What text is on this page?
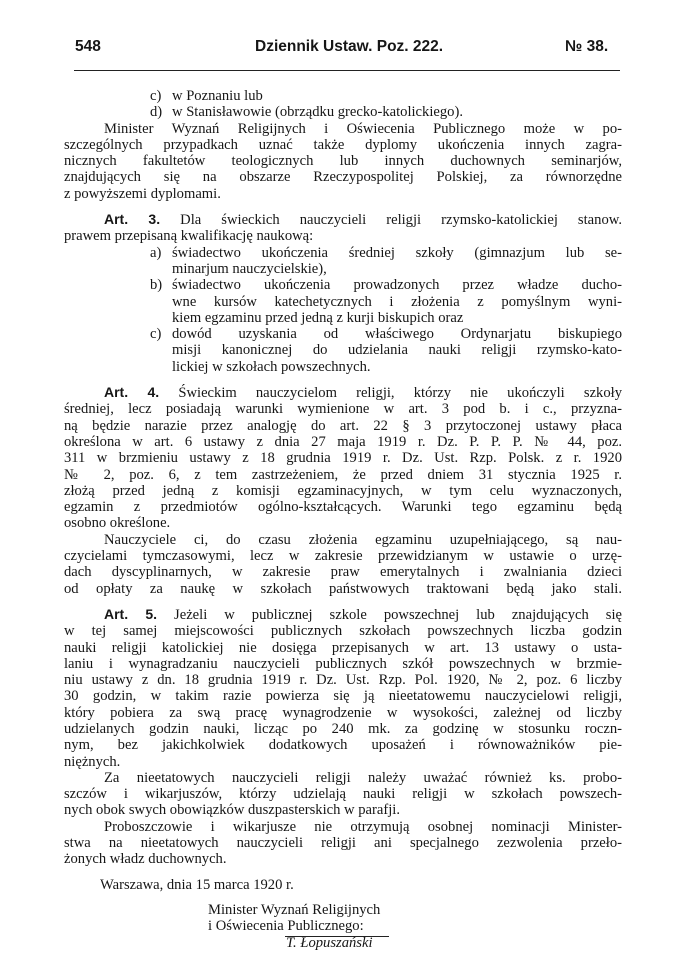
548	Dziennik Ustaw. Poz. 222.	№ 38.
c) w Poznaniu lub
d) w Stanisławowie (obrządku grecko-katolickiego).
Minister Wyznań Religijnych i Oświecenia Publicznego może w po-
szczególnych przypadkach uznać także dyplomy ukończenia innych zagra-
nicznych fakultetów teologicznych lub innych duchownych seminarjów,
znajdujących się na obszarze Rzeczypospolitej Polskiej, za równorzędne
z powyższemi dyplomami.
Art. 3. Dla świeckich nauczycieli religji rzymsko-katolickiej stanow.
prawem przepisaną kwalifikację naukową:
a) świadectwo ukończenia średniej szkoły (gimnazjum lub se-
minarjum nauczycielskie),
b) świadectwo ukończenia prowadzonych przez władze ducho-
wne kursów katechetycznych i złożenia z pomyślnym wyni-
kiem egzaminu przed jedną z kurji biskupich oraz
c) dowód uzyskania od właściwego Ordynarjatu biskupiego
misji kanonicznej do udzielania nauki religji rzymsko-kato-
lickiej w szkołach powszechnych.
Art. 4. Świeckim nauczycielom religji, którzy nie ukończyli szkoły
średniej, lecz posiadają warunki wymienione w art. 3 pod b. i c., przyzna-
ną będzie narazie przez analogję do art. 22 § 3 przytoczonej ustawy płaca
określona w art. 6 ustawy z dnia 27 maja 1919 r. Dz. P. P. P. № 44, poz.
311 w brzmieniu ustawy z 18 grudnia 1919 r. Dz. Ust. Rzp. Polsk. z r. 1920
№ 2, poz. 6, z tem zastrzeżeniem, że przed dniem 31 stycznia 1925 r.
złożą przed jedną z komisji egzaminacyjnych, w tym celu wyznaczonych,
egzamin z przedmiotów ogólno-kształcących. Warunki tego egzaminu będą
osobno określone.
Nauczyciele ci, do czasu złożenia egzaminu uzupełniającego, są nau-
czycielami tymczasowymi, lecz w zakresie przewidzianym w ustawie o urzę-
dach dyscyplinarnych, w zakresie praw emerytalnych i zwalniania dzieci
od opłaty za naukę w szkołach państwowych traktowani będą jako stali.
Art. 5. Jeżeli w publicznej szkole powszechnej lub znajdujących się
w tej samej miejscowości publicznych szkołach powszechnych liczba godzin
nauki religji katolickiej nie dosięga przepisanych w art. 13 ustawy o usta-
laniu i wynagradzaniu nauczycieli publicznych szkół powszechnych w brzmie-
niu ustawy z dn. 18 grudnia 1919 r. Dz. Ust. Rzp. Pol. 1920, № 2, poz. 6 liczby
30 godzin, w takim razie powierza się ją nieetatowemu nauczycielowi religji,
który pobiera za swą pracę wynagrodzenie w wysokości, zależnej od liczby
udzielanych godzin nauki, licząc po 240 mk. za godzinę w stosunku roczn-
nym, bez jakichkolwiek dodatkowych uposażeń i równoważników pie-
niężnych.
Za nieetatowych nauczycieli religji należy uważać również ks. probo-
szczów i wikarjuszów, którzy udzielają nauki religji w szkołach powszech-
nych obok swych obowiązków duszpasterskich w parafji.
Proboszczowie i wikarjusze nie otrzymują osobnej nominacji Minister-
stwa na nieetatowych nauczycieli religji ani specjalnego zezwolenia przeło-
żonych władz duchownych.
Warszawa, dnia 15 marca 1920 r.
Minister Wyznań Religijnych
i Oświecenia Publicznego:
T. Łopuszański
